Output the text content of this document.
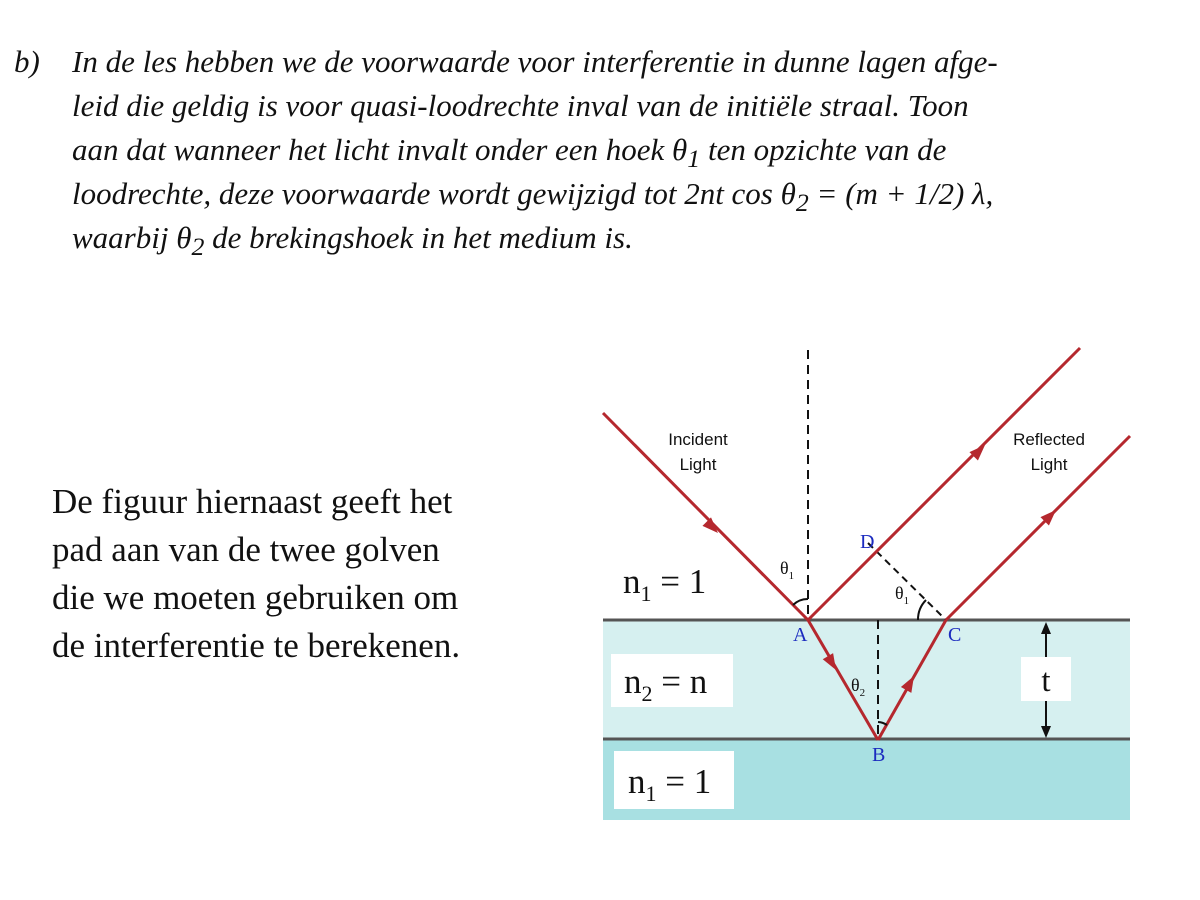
b) In de les hebben we de voorwaarde voor interferentie in dunne lagen afge-
leid die geldig is voor quasi-loodrechte inval van de initiële straal. Toon
aan dat wanneer het licht invalt onder een hoek $\theta_1$ ten opzichte van de
loodrechte, deze voorwaarde wordt gewijzigd tot 2nt $\cos \theta_2 = (m + 1/2)$ λ,
waarbij $\theta_2$ de brekingshoek in het medium is.
De figuur hiernaast geeft het
pad aan van de twee golven
die we moeten gebruiken om
de interferentie te berekenen.
Incident
Light
Reflected
Light
D
A	C
B
$\theta_1$
$\theta_1$
$\theta_2$
$n_1 = 1$
$n_2 = n$
$n_1 = 1$
t
